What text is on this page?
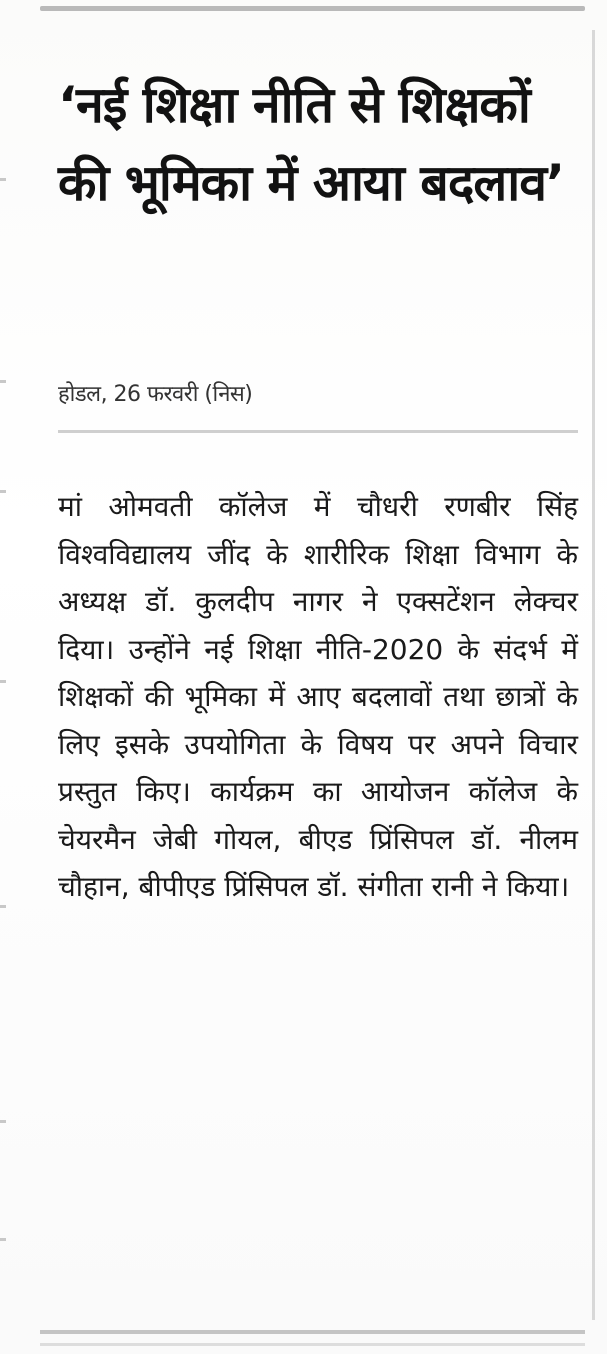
‘नई शिक्षा नीति से शिक्षकों की भूमिका में आया बदलाव’
होडल, 26 फरवरी (निस)

मां ओमवती कॉलेज में चौधरी रणबीर सिंह विश्वविद्यालय जींद के शारीरिक शिक्षा विभाग के अध्यक्ष डॉ. कुलदीप नागर ने एक्सटेंशन लेक्चर दिया। उन्होंने नई शिक्षा नीति-2020 के संदर्भ में शिक्षकों की भूमिका में आए बदलावों तथा छात्रों के लिए इसके उपयोगिता के विषय पर अपने विचार प्रस्तुत किए। कार्यक्रम का आयोजन कॉलेज के चेयरमैन जेबी गोयल, बीएड प्रिंसिपल डॉ. नीलम चौहान, बीपीएड प्रिंसिपल डॉ. संगीता रानी ने किया।
